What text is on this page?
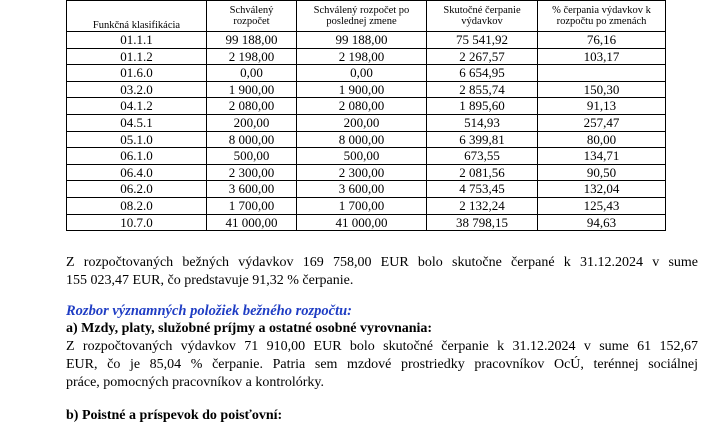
Funkčná klasifikácia	Schválený rozpočet	Schválený rozpočet po poslednej zmene	Skutočné čerpanie výdavkov	% čerpania výdavkov k rozpočtu po zmenách
01.1.1	99 188,00	99 188,00	75 541,92	76,16
01.1.2	2 198,00	2 198,00	2 267,57	103,17
01.6.0	0,00	0,00	6 654,95	
03.2.0	1 900,00	1 900,00	2 855,74	150,30
04.1.2	2 080,00	2 080,00	1 895,60	91,13
04.5.1	200,00	200,00	514,93	257,47
05.1.0	8 000,00	8 000,00	6 399,81	80,00
06.1.0	500,00	500,00	673,55	134,71
06.4.0	2 300,00	2 300,00	2 081,56	90,50
06.2.0	3 600,00	3 600,00	4 753,45	132,04
08.2.0	1 700,00	1 700,00	2 132,24	125,43
10.7.0	41 000,00	41 000,00	38 798,15	94,63
Z rozpočtovaných bežných výdavkov 169 758,00 EUR bolo skutočne čerpané k 31.12.2024 v sume
155 023,47 EUR, čo predstavuje 91,32 % čerpanie.
Rozbor významných položiek bežného rozpočtu:
a) Mzdy, platy, služobné príjmy a ostatné osobné vyrovnania:
Z rozpočtovaných výdavkov 71 910,00 EUR bolo skutočné čerpanie k 31.12.2024 v sume 61 152,67
EUR, čo je 85,04 % čerpanie. Patria sem mzdové prostriedky pracovníkov OcÚ, terénnej sociálnej
práce, pomocných pracovníkov a kontrolórky.
b) Poistné a príspevok do poisťovní:
